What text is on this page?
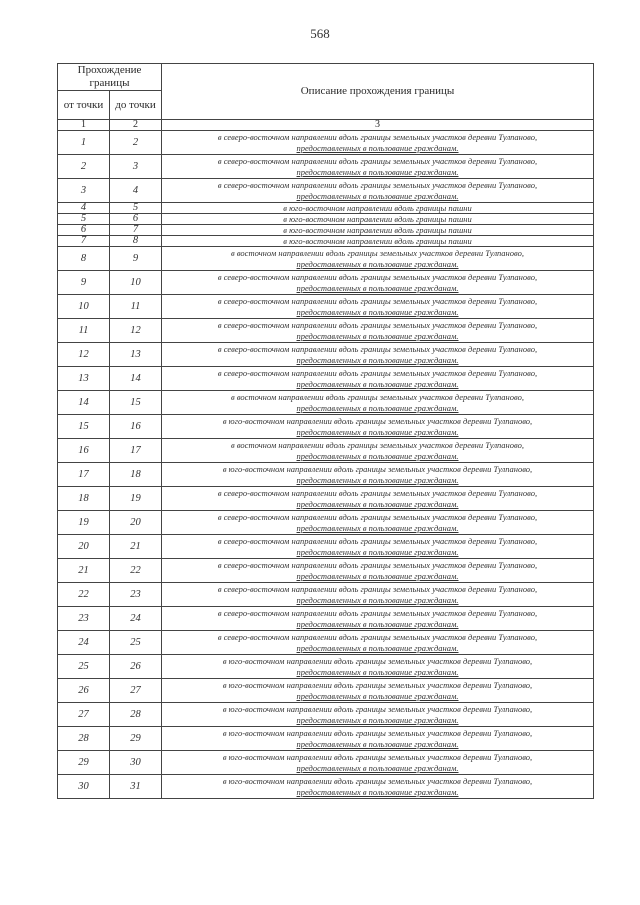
568
Прохождение границы		Описание прохождения границы
от точки	до точки	
1	2	3
1	2	в северо-восточном направлении вдоль границы земельных участков деревни Тулпаново,
предоставленных в пользование гражданам.

2	3	в северо-восточном направлении вдоль границы земельных участков деревни Тулпаново,
предоставленных в пользование гражданам.

3	4	в северо-восточном направлении вдоль границы земельных участков деревни Тулпаново,
предоставленных в пользование гражданам.

4	5	в юго-восточном направлении вдоль границы пашни

5	6	в юго-восточном направлении вдоль границы пашни

6	7	в юго-восточном направлении вдоль границы пашни

7	8	в юго-восточном направлении вдоль границы пашни

8	9	в восточном направлении вдоль границы земельных участков деревни Тулпаново,
предоставленных в пользование гражданам.

9	10	в северо-восточном направлении вдоль границы земельных участков деревни Тулпаново,
предоставленных в пользование гражданам.

10	11	в северо-восточном направлении вдоль границы земельных участков деревни Тулпаново,
предоставленных в пользование гражданам.

11	12	в северо-восточном направлении вдоль границы земельных участков деревни Тулпаново,
предоставленных в пользование гражданам.

12	13	в северо-восточном направлении вдоль границы земельных участков деревни Тулпаново,
предоставленных в пользование гражданам.

13	14	в северо-восточном направлении вдоль границы земельных участков деревни Тулпаново,
предоставленных в пользование гражданам.

14	15	в восточном направлении вдоль границы земельных участков деревни Тулпаново,
предоставленных в пользование гражданам.

15	16	в юго-восточном направлении вдоль границы земельных участков деревни Тулпаново,
предоставленных в пользование гражданам.

16	17	в восточном направлении вдоль границы земельных участков деревни Тулпаново,
предоставленных в пользование гражданам.

17	18	в юго-восточном направлении вдоль границы земельных участков деревни Тулпаново,
предоставленных в пользование гражданам.

18	19	в северо-восточном направлении вдоль границы земельных участков деревни Тулпаново,
предоставленных в пользование гражданам.

19	20	в северо-восточном направлении вдоль границы земельных участков деревни Тулпаново,
предоставленных в пользование гражданам.

20	21	в северо-восточном направлении вдоль границы земельных участков деревни Тулпаново,
предоставленных в пользование гражданам.

21	22	в северо-восточном направлении вдоль границы земельных участков деревни Тулпаново,
предоставленных в пользование гражданам.

22	23	в северо-восточном направлении вдоль границы земельных участков деревни Тулпаново,
предоставленных в пользование гражданам.

23	24	в северо-восточном направлении вдоль границы земельных участков деревни Тулпаново,
предоставленных в пользование гражданам.

24	25	в северо-восточном направлении вдоль границы земельных участков деревни Тулпаново,
предоставленных в пользование гражданам.

25	26	в юго-восточном направлении вдоль границы земельных участков деревни Тулпаново,
предоставленных в пользование гражданам.

26	27	в юго-восточном направлении вдоль границы земельных участков деревни Тулпаново,
предоставленных в пользование гражданам.

27	28	в юго-восточном направлении вдоль границы земельных участков деревни Тулпаново,
предоставленных в пользование гражданам.

28	29	в юго-восточном направлении вдоль границы земельных участков деревни Тулпаново,
предоставленных в пользование гражданам.

29	30	в юго-восточном направлении вдоль границы земельных участков деревни Тулпаново,
предоставленных в пользование гражданам.

30	31	в юго-восточном направлении вдоль границы земельных участков деревни Тулпаново,
предоставленных в пользование гражданам.
